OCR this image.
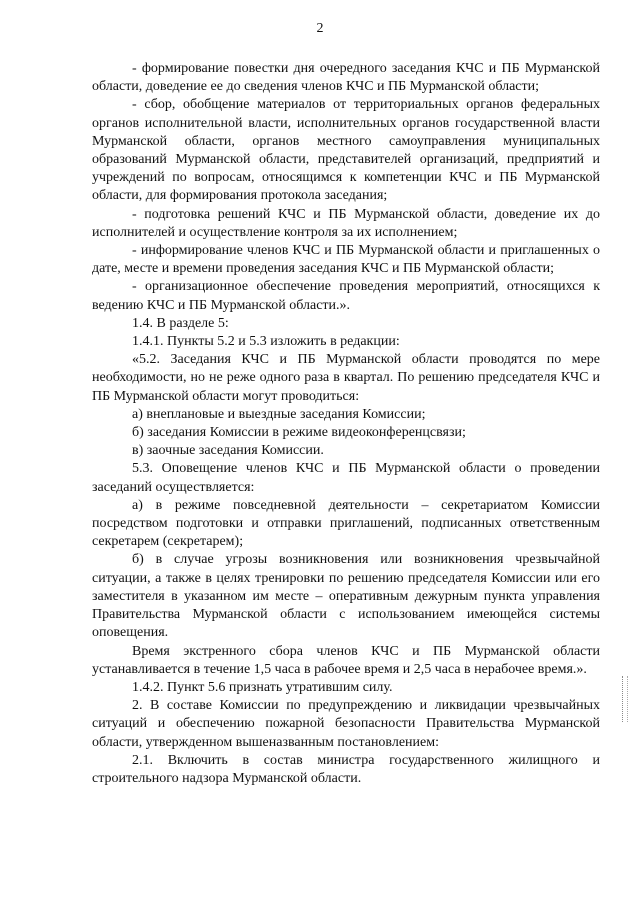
2

- формирование повестки дня очередного заседания КЧС и ПБ Мурманской области, доведение ее до сведения членов КЧС и ПБ Мурманской области;

- сбор, обобщение материалов от территориальных органов федеральных органов исполнительной власти, исполнительных органов государственной власти Мурманской области, органов местного самоуправления муниципальных образований Мурманской области, представителей организаций, предприятий и учреждений по вопросам, относящимся к компетенции КЧС и ПБ Мурманской области, для формирования протокола заседания;

- подготовка решений КЧС и ПБ Мурманской области, доведение их до исполнителей и осуществление контроля за их исполнением;

- информирование членов КЧС и ПБ Мурманской области и приглашенных о дате, месте и времени проведения заседания КЧС и ПБ Мурманской области;

- организационное обеспечение проведения мероприятий, относящихся к ведению КЧС и ПБ Мурманской области.».

1.4. В разделе 5:

1.4.1. Пункты 5.2 и 5.3 изложить в редакции:

«5.2. Заседания КЧС и ПБ Мурманской области проводятся по мере необходимости, но не реже одного раза в квартал. По решению председателя КЧС и ПБ Мурманской области могут проводиться:

а) внеплановые и выездные заседания Комиссии;

б) заседания Комиссии в режиме видеоконференцсвязи;

в) заочные заседания Комиссии.

5.3. Оповещение членов КЧС и ПБ Мурманской области о проведении заседаний осуществляется:

а) в режиме повседневной деятельности – секретариатом Комиссии посредством подготовки и отправки приглашений, подписанных ответственным секретарем (секретарем);

б) в случае угрозы возникновения или возникновения чрезвычайной ситуации, а также в целях тренировки по решению председателя Комиссии или его заместителя в указанном им месте – оперативным дежурным пункта управления Правительства Мурманской области с использованием имеющейся системы оповещения.

Время экстренного сбора членов КЧС и ПБ Мурманской области устанавливается в течение 1,5 часа в рабочее время и 2,5 часа в нерабочее время.».

1.4.2. Пункт 5.6 признать утратившим силу.

2. В составе Комиссии по предупреждению и ликвидации чрезвычайных ситуаций и обеспечению пожарной безопасности Правительства Мурманской области, утвержденном вышеназванным постановлением:

2.1. Включить в состав министра государственного жилищного и строительного надзора Мурманской области.
